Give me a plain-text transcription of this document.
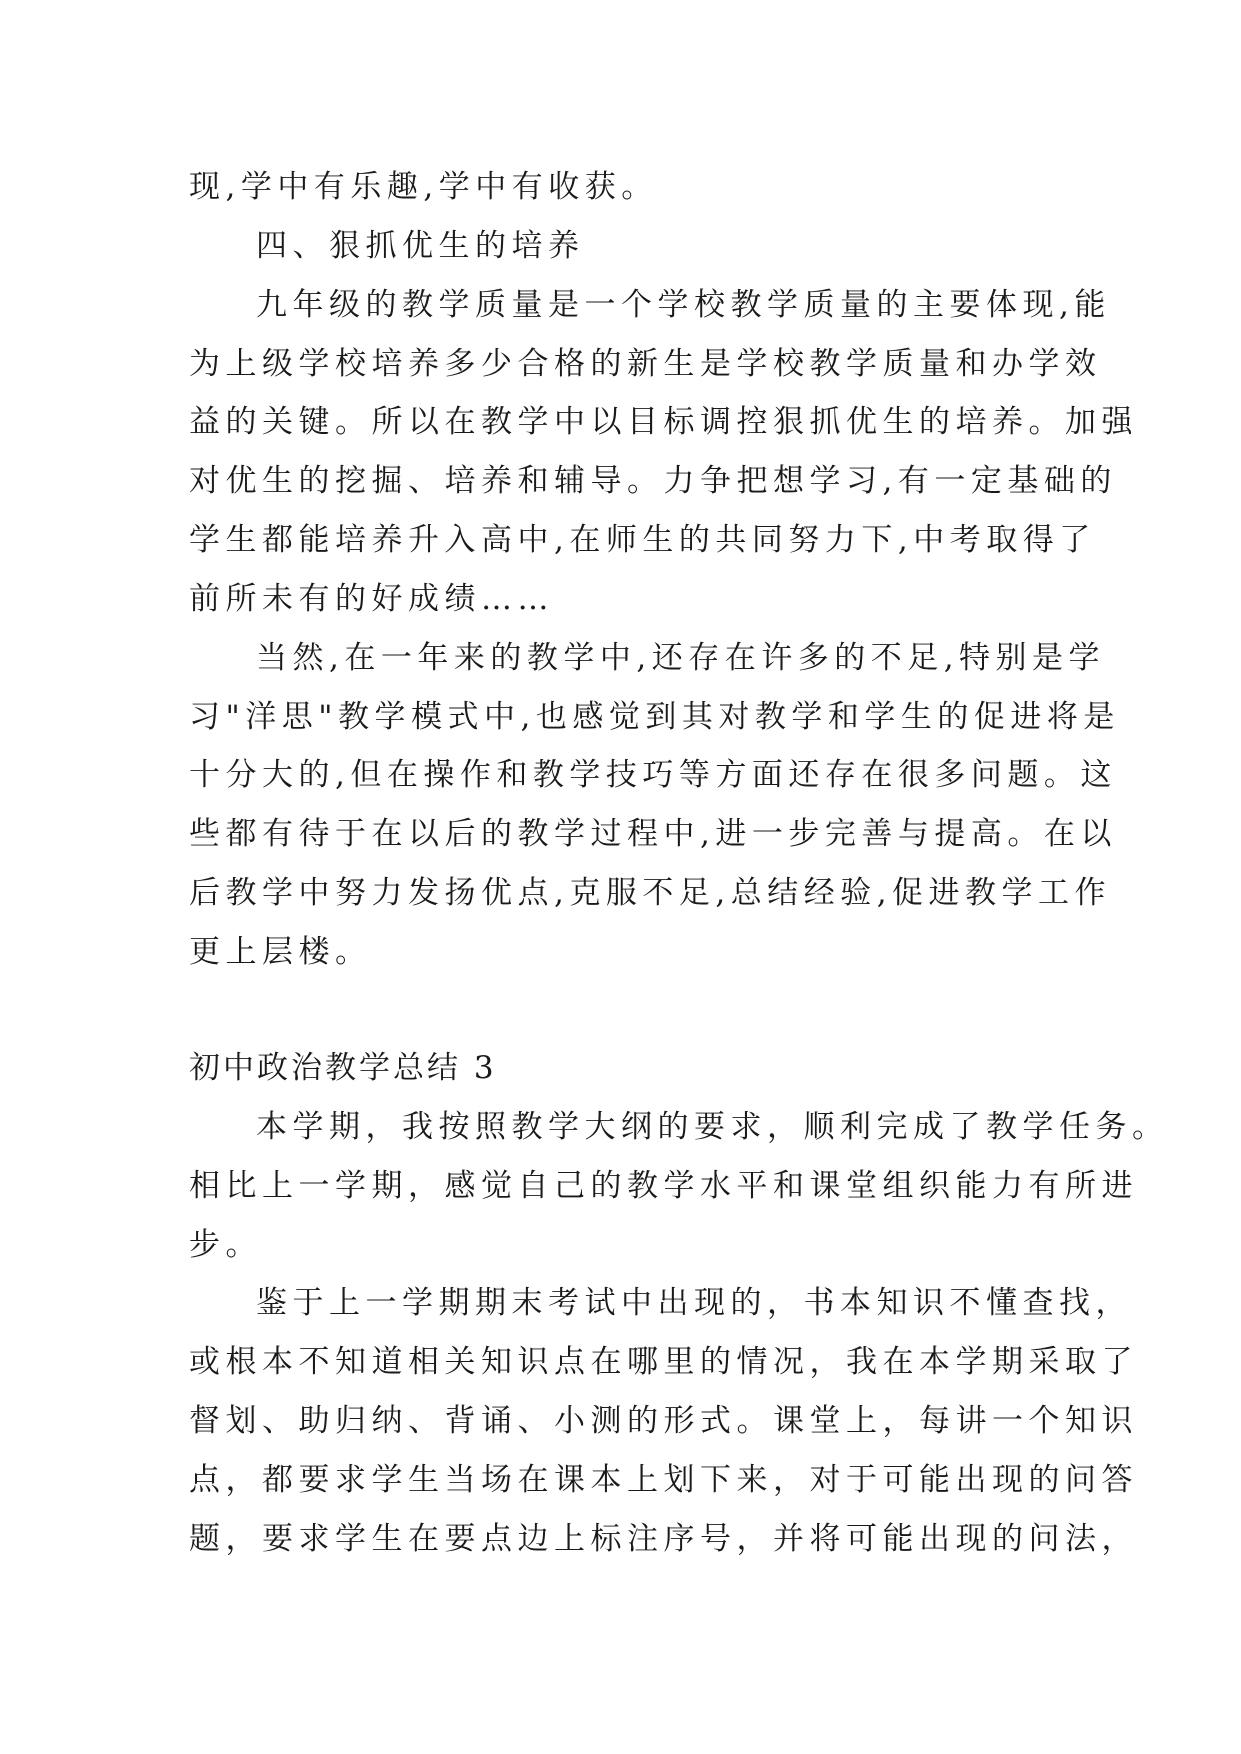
现,学中有乐趣,学中有收获。
四、狠抓优生的培养
九年级的教学质量是一个学校教学质量的主要体现,能
为上级学校培养多少合格的新生是学校教学质量和办学效
益的关键。所以在教学中以目标调控狠抓优生的培养。加强
对优生的挖掘、培养和辅导。力争把想学习,有一定基础的
学生都能培养升入高中,在师生的共同努力下,中考取得了
前所未有的好成绩……
当然,在一年来的教学中,还存在许多的不足,特别是学
习"洋思"教学模式中,也感觉到其对教学和学生的促进将是
十分大的,但在操作和教学技巧等方面还存在很多问题。这
些都有待于在以后的教学过程中,进一步完善与提高。在以
后教学中努力发扬优点,克服不足,总结经验,促进教学工作
更上层楼。
初中政治教学总结 3
本学期，我按照教学大纲的要求，顺利完成了教学任务。
相比上一学期，感觉自己的教学水平和课堂组织能力有所进
步。
鉴于上一学期期末考试中出现的，书本知识不懂查找，
或根本不知道相关知识点在哪里的情况，我在本学期采取了
督划、助归纳、背诵、小测的形式。课堂上，每讲一个知识
点，都要求学生当场在课本上划下来，对于可能出现的问答
题，要求学生在要点边上标注序号，并将可能出现的问法，
